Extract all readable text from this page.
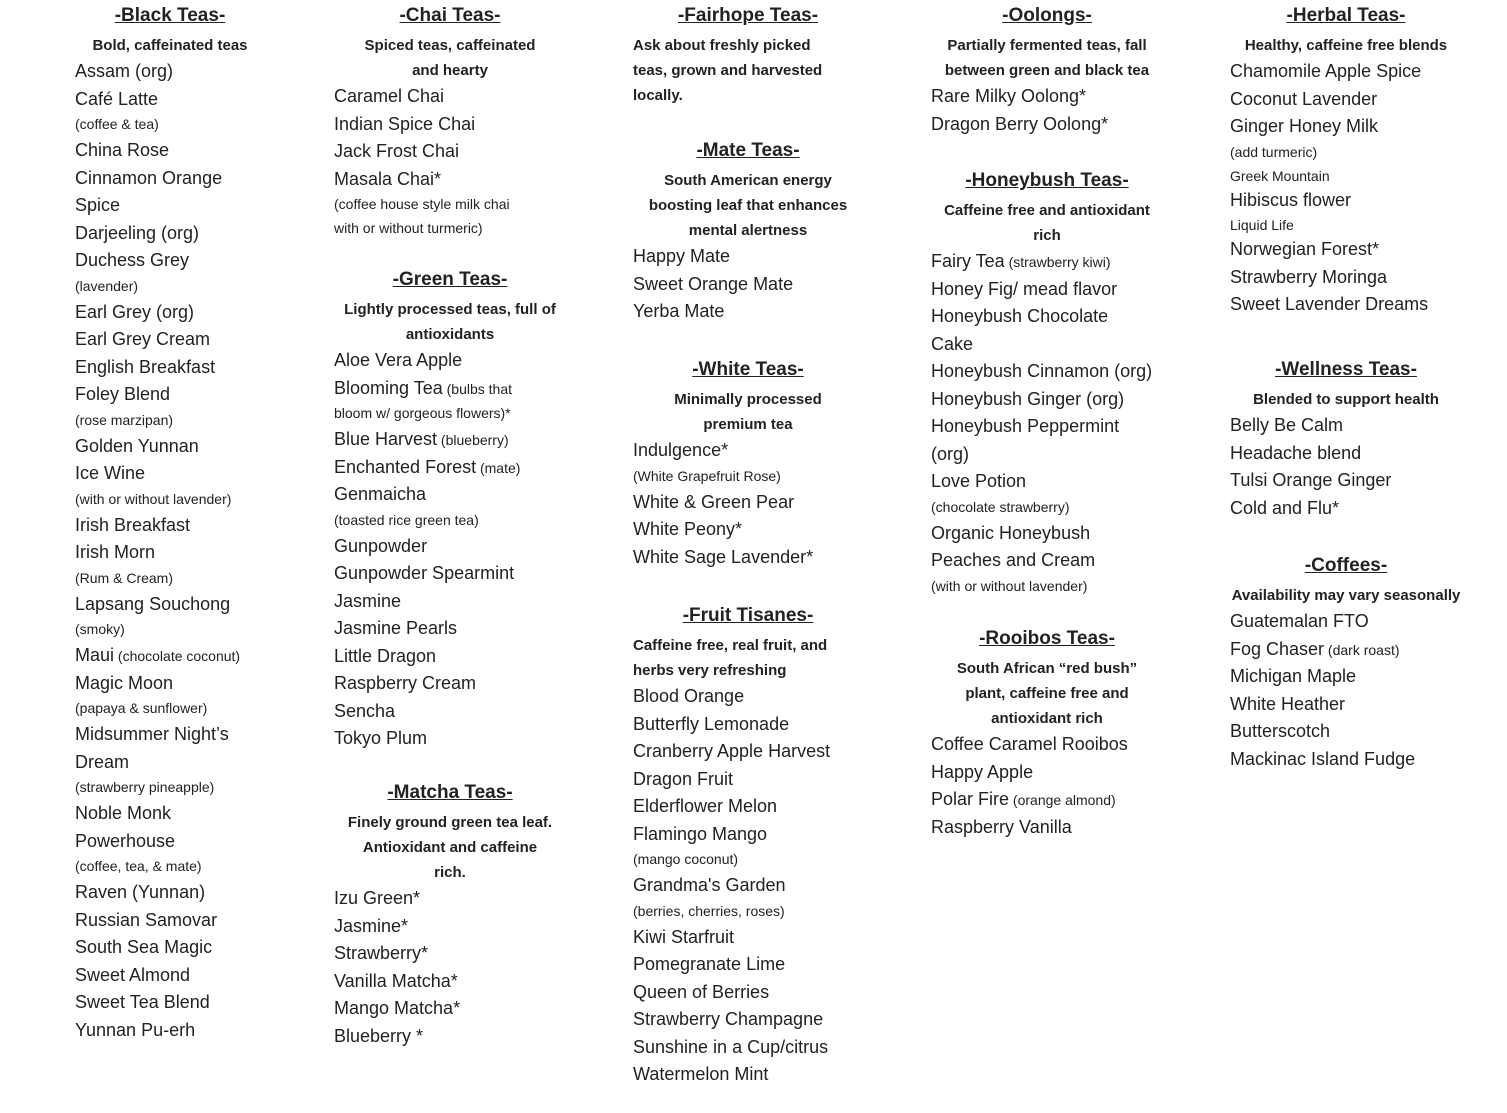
-Black Teas-
Bold, caffeinated teas
Assam (org)
Café Latte
(coffee & tea)
China Rose
Cinnamon Orange
Spice
Darjeeling (org)
Duchess Grey
(lavender)
Earl Grey (org)
Earl Grey Cream
English Breakfast
Foley Blend
(rose marzipan)
Golden Yunnan
Ice Wine
(with or without lavender)
Irish Breakfast
Irish Morn
(Rum & Cream)
Lapsang Souchong
(smoky)
Maui (chocolate coconut)
Magic Moon
(papaya & sunflower)
Midsummer Night’s
Dream
(strawberry pineapple)
Noble Monk
Powerhouse
(coffee, tea, & mate)
Raven (Yunnan)
Russian Samovar
South Sea Magic
Sweet Almond
Sweet Tea Blend
Yunnan Pu-erh
-Chai Teas-
Spiced teas, caffeinated
and hearty
Caramel Chai
Indian Spice Chai
Jack Frost Chai
Masala Chai*
(coffee house style milk chai
with or without turmeric)
-Green Teas-
Lightly processed teas, full of
antioxidants
Aloe Vera Apple
Blooming Tea (bulbs that
bloom w/ gorgeous flowers)*
Blue Harvest (blueberry)
Enchanted Forest (mate)
Genmaicha
(toasted rice green tea)
Gunpowder
Gunpowder Spearmint
Jasmine
Jasmine Pearls
Little Dragon
Raspberry Cream
Sencha
Tokyo Plum
-Matcha Teas-
Finely ground green tea leaf.
Antioxidant and caffeine
rich.
Izu Green*
Jasmine*
Strawberry*
Vanilla Matcha*
Mango Matcha*
Blueberry *
-Fairhope Teas-
Ask about freshly picked
teas, grown and harvested
locally.
-Mate Teas-
South American energy
boosting leaf that enhances
mental alertness
Happy Mate
Sweet Orange Mate
Yerba Mate
-White Teas-
Minimally processed
premium tea
Indulgence*
(White Grapefruit Rose)
White & Green Pear
White Peony*
White Sage Lavender*
-Fruit Tisanes-
Caffeine free, real fruit, and
herbs very refreshing
Blood Orange
Butterfly Lemonade
Cranberry Apple Harvest
Dragon Fruit
Elderflower Melon
Flamingo Mango
(mango coconut)
Grandma's Garden
(berries, cherries, roses)
Kiwi Starfruit
Pomegranate Lime
Queen of Berries
Strawberry Champagne
Sunshine in a Cup/citrus
Watermelon Mint
-Oolongs-
Partially fermented teas, fall
between green and black tea
Rare Milky Oolong*
Dragon Berry Oolong*
-Honeybush Teas-
Caffeine free and antioxidant
rich
Fairy Tea (strawberry kiwi)
Honey Fig/ mead flavor
Honeybush Chocolate
Cake
Honeybush Cinnamon (org)
Honeybush Ginger (org)
Honeybush Peppermint
(org)
Love Potion
(chocolate strawberry)
Organic Honeybush
Peaches and Cream
(with or without lavender)
-Rooibos Teas-
South African “red bush”
plant, caffeine free and
antioxidant rich
Coffee Caramel Rooibos
Happy Apple
Polar Fire (orange almond)
Raspberry Vanilla
-Herbal Teas-
Healthy, caffeine free blends
Chamomile Apple Spice
Coconut Lavender
Ginger Honey Milk
(add turmeric)
Greek Mountain
Hibiscus flower
Liquid Life
Norwegian Forest*
Strawberry Moringa
Sweet Lavender Dreams
-Wellness Teas-
Blended to support health
Belly Be Calm
Headache blend
Tulsi Orange Ginger
Cold and Flu*
-Coffees-
Availability may vary seasonally
Guatemalan FTO
Fog Chaser (dark roast)
Michigan Maple
White Heather
Butterscotch
Mackinac Island Fudge
